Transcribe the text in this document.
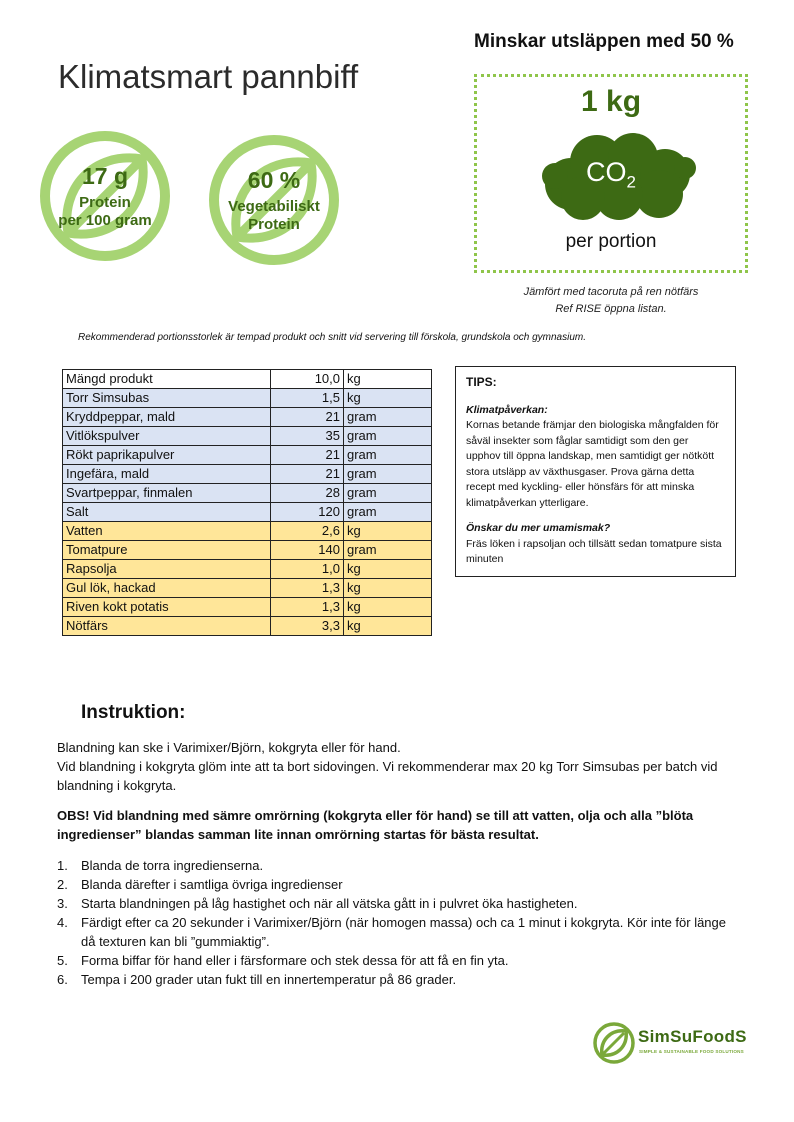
Klimatsmart pannbiff
17 g
Protein
per 100 gram
60 %
Vegetabiliskt
Protein
Minskar utsläppen med 50 %
1 kg
$CO_2$
per portion
Jämfört med tacoruta på ren nötfärs
Ref RISE öppna listan.
Rekommenderad portionsstorlek är tempad produkt och snitt vid servering till förskola, grundskola och gymnasium.
Mängd produkt	10,0	kg
Torr Simsubas	1,5	kg
Kryddpeppar, mald	21	gram
Vitlökspulver	35	gram
Rökt paprikapulver	21	gram
Ingefära, mald	21	gram
Svartpeppar, finmalen	28	gram
Salt	120	gram
Vatten	2,6	kg
Tomatpure	140	gram
Rapsolja	1,0	kg
Gul lök, hackad	1,3	kg
Riven kokt potatis	1,3	kg
Nötfärs	3,3	kg
TIPS:
Klimatpåverkan:
Kornas betande främjar den biologiska mångfalden för såväl insekter som fåglar samtidigt som den ger upphov till öppna landskap, men samtidigt ger nötkött stora utsläpp av växthusgaser. Prova gärna detta recept med kyckling- eller hönsfärs för att minska klimatpåverkan ytterligare.
Önskar du mer umamismak?
Fräs löken i rapsoljan och tillsätt sedan tomatpure sista minuten
Instruktion:
Blandning kan ske i Varimixer/Björn, kokgryta eller för hand.
Vid blandning i kokgryta glöm inte att ta bort sidovingen. Vi rekommenderar max 20 kg Torr Simsubas per batch vid blandning i kokgryta.
OBS! Vid blandning med sämre omrörning (kokgryta eller för hand) se till att vatten, olja och alla ”blöta ingredienser” blandas samman lite innan omrörning startas för bästa resultat.
1.	Blanda de torra ingredienserna.
2.	Blanda därefter i samtliga övriga ingredienser
3.	Starta blandningen på låg hastighet och när all vätska gått in i pulvret öka hastigheten.
4.	Färdigt efter ca 20 sekunder i Varimixer/Björn (när homogen massa) och ca 1 minut i kokgryta. Kör inte för länge då texturen kan bli ”gummiaktig”.
5.	Forma biffar för hand eller i färsformare och stek dessa för att få en fin yta.
6.	Tempa i 200 grader utan fukt till en innertemperatur på 86 grader.
SimSuFoodS
SIMPLE & SUSTAINABLE FOOD SOLUTIONS
